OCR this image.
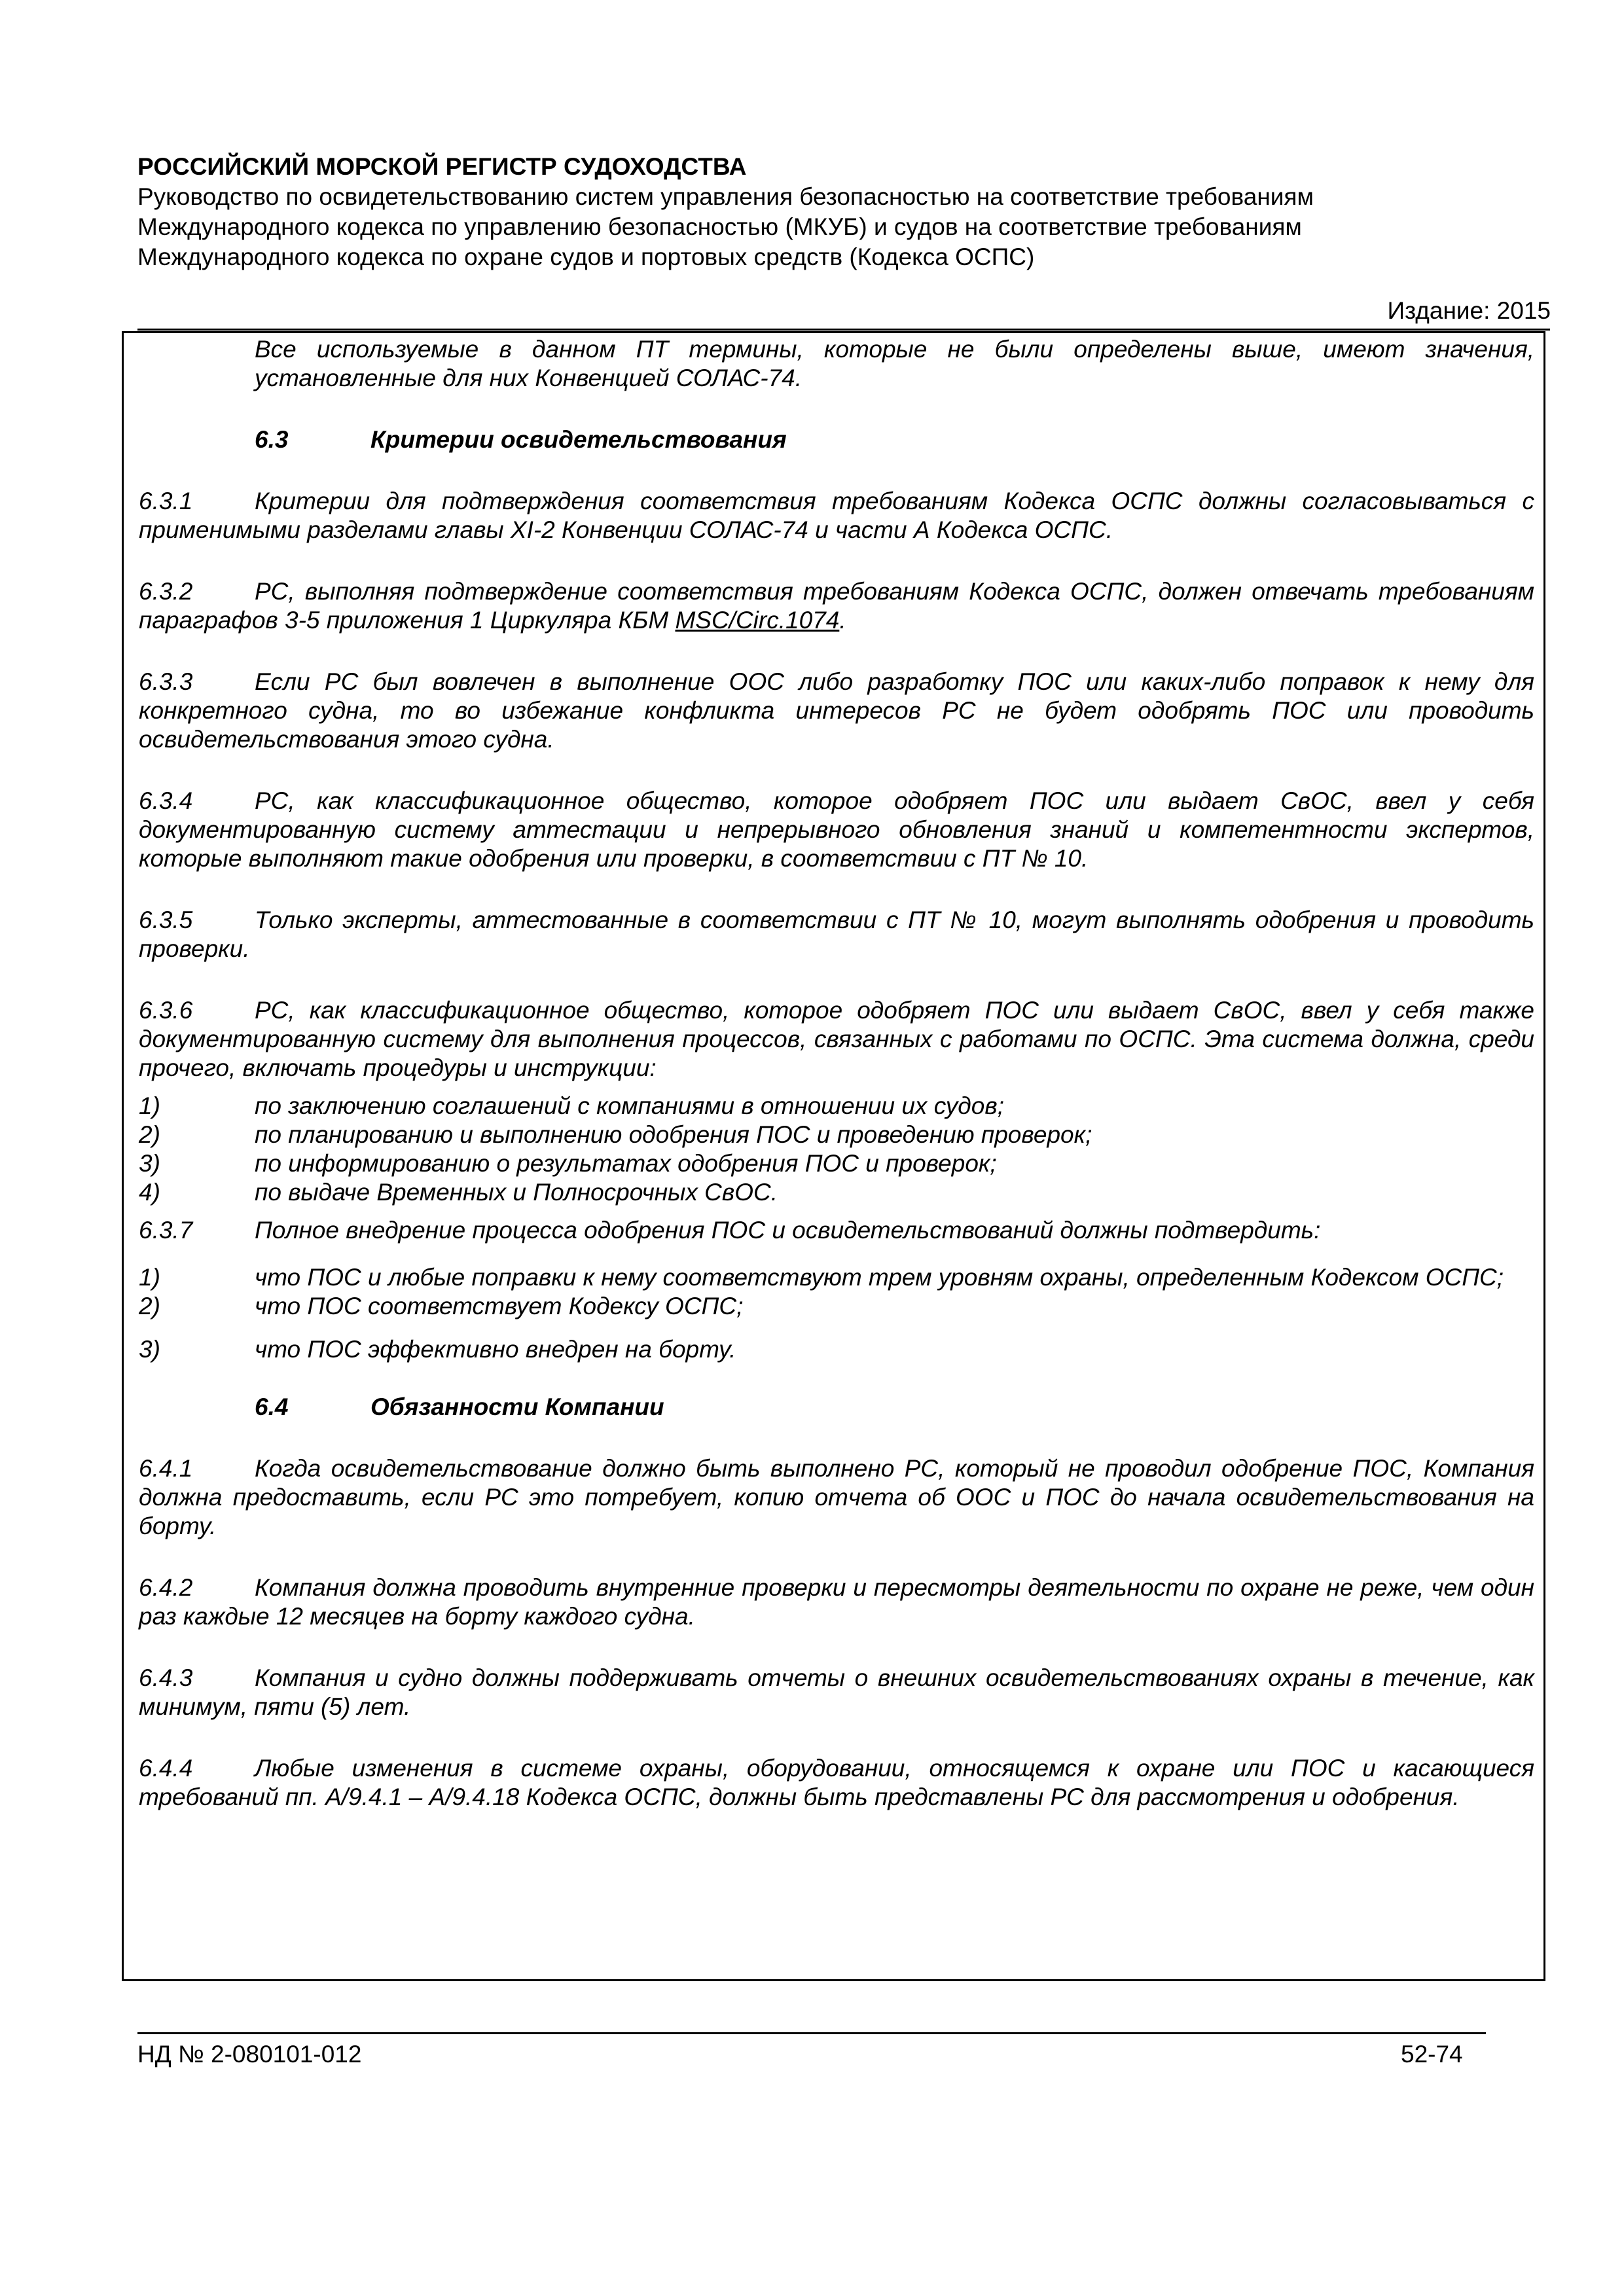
РОССИЙСКИЙ МОРСКОЙ РЕГИСТР СУДОХОДСТВА

Руководство по освидетельствованию систем управления безопасностью на соответствие требованиям

Международного кодекса по управлению безопасностью (МКУБ) и судов на соответствие требованиям

Международного кодекса по охране судов и портовых средств (Кодекса ОСПС)

Издание: 2015

Все используемые в данном ПТ термины, которые не были определены выше, имеют значения, установленные для них Конвенцией СОЛАС-74.

6.3	Критерии освидетельствования

6.3.1	Критерии для подтверждения соответствия требованиям Кодекса ОСПС должны согласовываться с применимыми разделами главы XI-2 Конвенции СОЛАС-74 и части А Кодекса ОСПС.

6.3.2	РС, выполняя подтверждение соответствия требованиям Кодекса ОСПС, должен отвечать требованиям параграфов 3-5 приложения 1 Циркуляра КБМ MSC/Circ.1074.

6.3.3	Если РС был вовлечен в выполнение ООС либо разработку ПОС или каких-либо поправок к нему для конкретного судна, то во избежание конфликта интересов РС не будет одобрять ПОС или проводить освидетельствования этого судна.

6.3.4	РС, как классификационное общество, которое одобряет ПОС или выдает СвОС, ввел у себя документированную систему аттестации и непрерывного обновления знаний и компетентности экспертов, которые выполняют такие одобрения или проверки, в соответствии с ПТ № 10.

6.3.5	Только эксперты, аттестованные в соответствии с ПТ № 10, могут выполнять одобрения и проводить проверки.

6.3.6	РС, как классификационное общество, которое одобряет ПОС или выдает СвОС, ввел у себя также документированную систему для выполнения процессов, связанных с работами по ОСПС. Эта система должна, среди прочего, включать процедуры и инструкции:

1)	по заключению соглашений с компаниями в отношении их судов;
2)	по планированию и выполнению одобрения ПОС и проведению проверок;
3)	по информированию о результатах одобрения ПОС и проверок;
4)	по выдаче Временных и Полносрочных СвОС.

6.3.7	Полное внедрение процесса одобрения ПОС и освидетельствований должны подтвердить:

1)	что ПОС и любые поправки к нему соответствуют трем уровням охраны, определенным Кодексом ОСПС;
2)	что ПОС соответствует Кодексу ОСПС;
3)	что ПОС эффективно внедрен на борту.

6.4	Обязанности Компании

6.4.1	Когда освидетельствование должно быть выполнено РС, который не проводил одобрение ПОС, Компания должна предоставить, если РС это потребует, копию отчета об ООС и ПОС до начала освидетельствования на борту.

6.4.2	Компания должна проводить внутренние проверки и пересмотры деятельности по охране не реже, чем один раз каждые 12 месяцев на борту каждого судна.

6.4.3	Компания и судно должны поддерживать отчеты о внешних освидетельствованиях охраны в течение, как минимум, пяти (5) лет.

6.4.4	Любые изменения в системе охраны, оборудовании, относящемся к охране или ПОС и касающиеся требований пп. А/9.4.1 – А/9.4.18 Кодекса ОСПС, должны быть представлены РС для рассмотрения и одобрения.

НД № 2-080101-012	52-74
